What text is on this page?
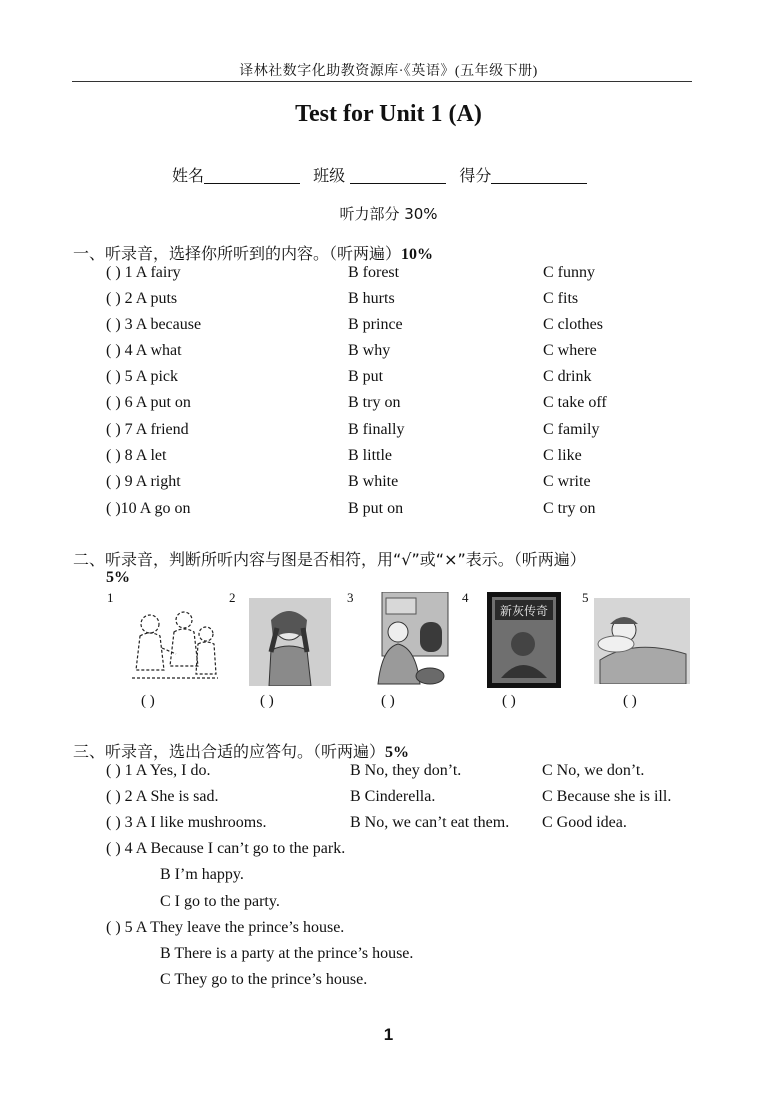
译林社数字化助教资源库·《英语》(五年级下册)
Test for Unit 1 (A)
姓名	班级	得分
听力部分 30%
一、听录音，选择你所听到的内容。（听两遍）10%
( ) 1 A fairy	B forest	C funny
( ) 2 A puts	B hurts	C fits
( ) 3 A because	B prince	C clothes
( ) 4 A what	B why	C where
( ) 5 A pick	B put	C drink
( ) 6 A put on	B try on	C take off
( ) 7 A friend	B finally	C family
( ) 8 A let	B little	C like
( ) 9 A right	B white	C write
( )10 A go on	B put on	C try on
二、听录音，判断所听内容与图是否相符，用“√”或“×”表示。（听两遍）
5%
1	2	3	4	5
新灰传奇
( )	( )	( )	( )	( )
三、听录音，选出合适的应答句。（听两遍）5%
( ) 1 A Yes, I do.	B No, they don’t.	C No, we don’t.
( ) 2 A She is sad.	B Cinderella.	C Because she is ill.
( ) 3 A I like mushrooms.	B No, we can’t eat them. C Good idea.
( ) 4 A Because I can’t go to the park.
B I’m happy.
C I go to the party.
( ) 5 A They leave the prince’s house.
B There is a party at the prince’s house.
C They go to the prince’s house.
1
